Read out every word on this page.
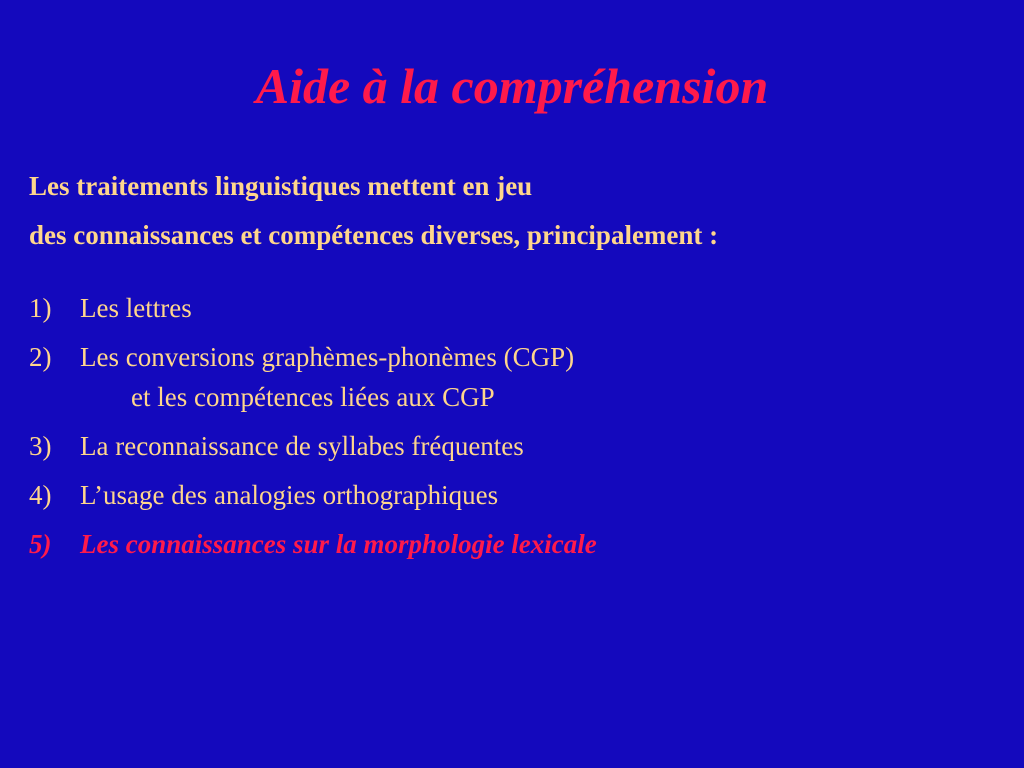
Aide à la compréhension
Les traitements linguistiques mettent en jeu
des connaissances et compétences diverses, principalement :
1) Les lettres
2) Les conversions graphèmes-phonèmes (CGP)
et les compétences liées aux CGP
3) La reconnaissance de syllabes fréquentes
4) L’usage des analogies orthographiques
5) Les connaissances sur la morphologie lexicale
